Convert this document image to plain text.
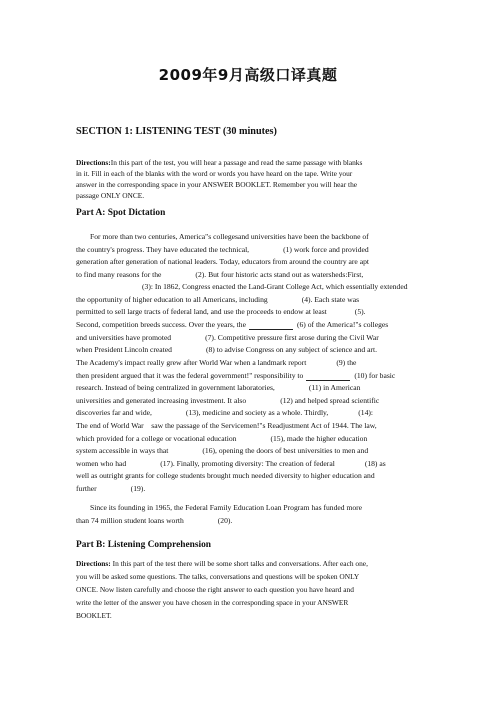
2009年9月高级口译真题
SECTION 1: LISTENING TEST (30 minutes)
Directions:In this part of the test, you will hear a passage and read the same passage with blanks
in it. Fill in each of the blanks with the word or words you have heard on the tape. Write your
answer in the corresponding space in your ANSWER BOOKLET. Remember you will hear the
passage ONLY ONCE.
Part A: Spot Dictation
For more than two centuries, America"s collegesand universities have been the backbone of
the country's progress. They have educated the technical,	(1) work force and provided
generation after generation of national leaders. Today, educators from around the country are apt
to find many reasons for the	(2). But four historic acts stand out as watersheds:First,
(3): In 1862, Congress enacted the Land-Grant College Act, which essentially extended
the opportunity of higher education to all Americans, including	(4). Each state was
permitted to sell large tracts of federal land, and use the proceeds to endow at least	(5).
Second, competition breeds success. Over the years, the	(6) of the America!"s colleges
and universities have promoted	(7). Competitive pressure first arose during the Civil War
when President Lincoln created	(8) to advise Congress on any subject of science and art.
The Academy's impact really grew after World War when a landmark report	(9) the
then president argued that it was the federal government!" responsibility to	(10) for basic
research. Instead of being centralized in government laboratories,	(11) in American
universities and generated increasing investment. It also	(12) and helped spread scientific
discoveries far and wide,	(13), medicine and society as a whole. Thirdly,	(14):
The end of World War　saw the passage of the Servicemen!"s Readjustment Act of 1944. The law,
which provided for a college or vocational education	(15), made the higher education
system accessible in ways that	(16), opening the doors of best universities to men and
women who had	(17). Finally, promoting diversity: The creation of federal	(18) as
well as outright grants for college students brought much needed diversity to higher education and
further	(19).
Since its founding in 1965, the Federal Family Education Loan Program has funded more
than 74 million student loans worth	(20).
Part B: Listening Comprehension
Directions: In this part of the test there will be some short talks and conversations. After each one,
you will be asked some questions. The talks, conversations and questions will be spoken ONLY
ONCE. Now listen carefully and choose the right answer to each question you have heard and
write the letter of the answer you have chosen in the corresponding space in your ANSWER
BOOKLET.
